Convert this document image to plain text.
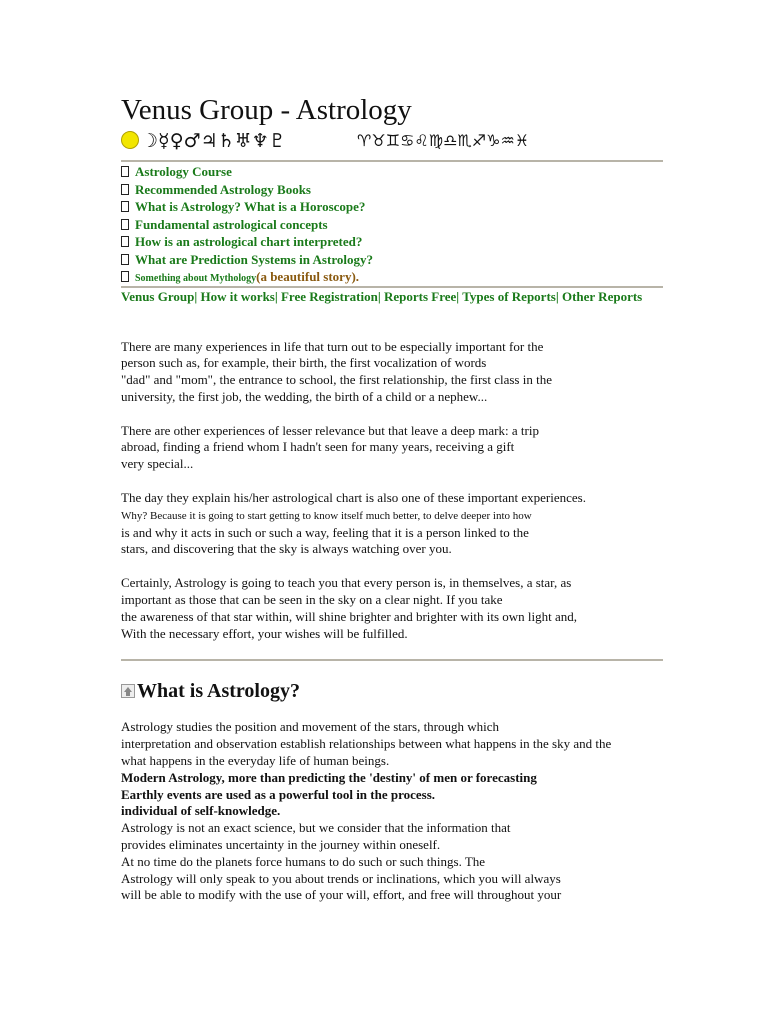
Venus Group - Astrology
☽☿♀♂♃♄♅♆♇	♈♉♊♋♌♍♎♏♐♑♒♓
Astrology Course
Recommended Astrology Books
What is Astrology? What is a Horoscope?
Fundamental astrological concepts
How is an astrological chart interpreted?
What are Prediction Systems in Astrology?
Something about Mythology(a beautiful story).
Venus Group| How it works| Free Registration| Reports Free| Types of Reports| Other Reports

There are many experiences in life that turn out to be especially important for the
person such as, for example, their birth, the first vocalization of words
"dad" and "mom", the entrance to school, the first relationship, the first class in the
university, the first job, the wedding, the birth of a child or a nephew...

There are other experiences of lesser relevance but that leave a deep mark: a trip
abroad, finding a friend whom I hadn't seen for many years, receiving a gift
very special...

The day they explain his/her astrological chart is also one of these important experiences.
Why? Because it is going to start getting to know itself much better, to delve deeper into how
is and why it acts in such or such a way, feeling that it is a person linked to the
stars, and discovering that the sky is always watching over you.

Certainly, Astrology is going to teach you that every person is, in themselves, a star, as
important as those that can be seen in the sky on a clear night. If you take
the awareness of that star within, will shine brighter and brighter with its own light and,
With the necessary effort, your wishes will be fulfilled.

What is Astrology?

Astrology studies the position and movement of the stars, through which
interpretation and observation establish relationships between what happens in the sky and the
what happens in the everyday life of human beings.
Modern Astrology, more than predicting the 'destiny' of men or forecasting
Earthly events are used as a powerful tool in the process.
individual of self-knowledge.
Astrology is not an exact science, but we consider that the information that
provides eliminates uncertainty in the journey within oneself.
At no time do the planets force humans to do such or such things. The
Astrology will only speak to you about trends or inclinations, which you will always
will be able to modify with the use of your will, effort, and free will throughout your
